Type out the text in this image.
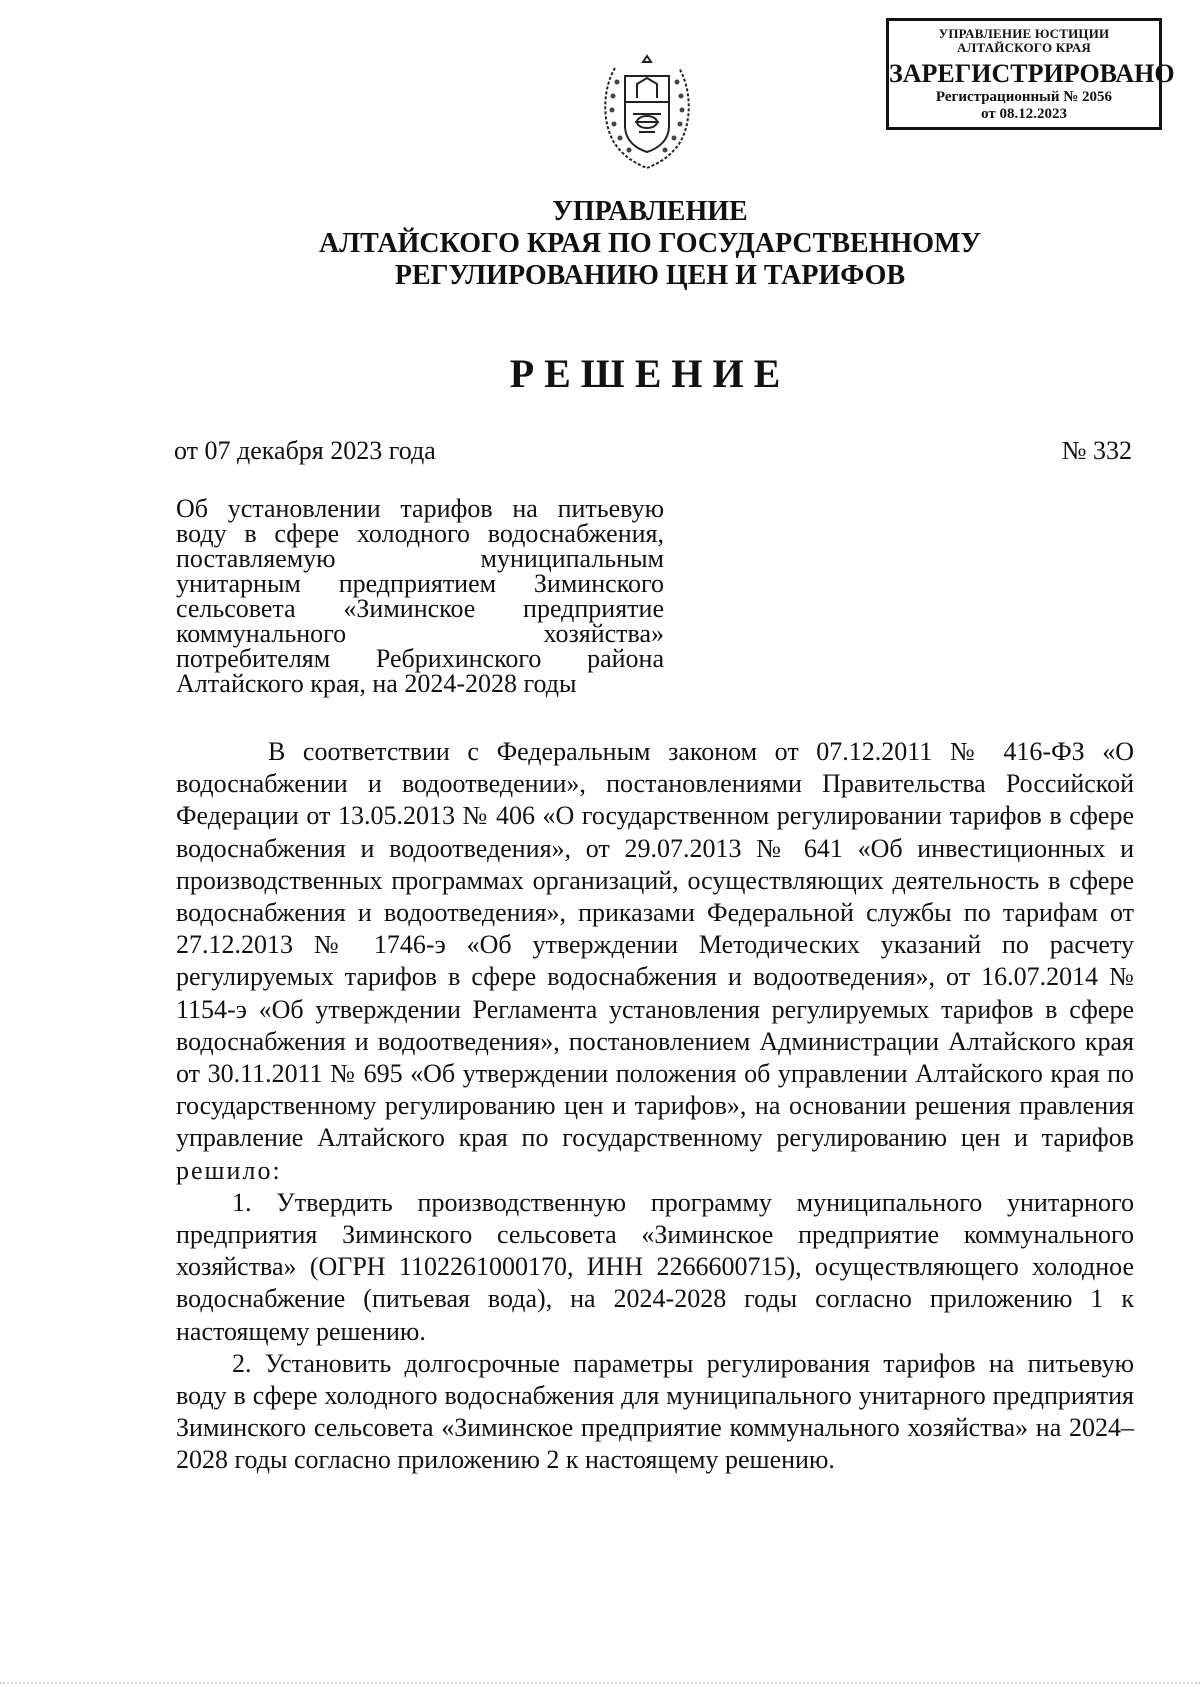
УПРАВЛЕНИЕ ЮСТИЦИИ
АЛТАЙСКОГО КРАЯ
ЗАРЕГИСТРИРОВАНО
Регистрационный № 2056
от 08.12.2023
УПРАВЛЕНИЕ
АЛТАЙСКОГО КРАЯ ПО ГОСУДАРСТВЕННОМУ
РЕГУЛИРОВАНИЮ ЦЕН И ТАРИФОВ
РЕШЕНИЕ
от 07 декабря 2023 года	№ 332
Об установлении тарифов на питьевую
воду в сфере холодного водоснабжения,
поставляемую муниципальным
унитарным предприятием Зиминского
сельсовета «Зиминское предприятие
коммунального хозяйства»
потребителям Ребрихинского района
Алтайского края, на 2024-2028 годы

В соответствии с Федеральным законом от 07.12.2011 № 416-ФЗ «О водоснабжении и водоотведении», постановлениями Правительства Российской Федерации от 13.05.2013 № 406 «О государственном регулировании тарифов в сфере водоснабжения и водоотведения», от 29.07.2013 № 641 «Об инвестиционных и производственных программах организаций, осуществляющих деятельность в сфере водоснабжения и водоотведения», приказами Федеральной службы по тарифам от 27.12.2013 № 1746-э «Об утверждении Методических указаний по расчету регулируемых тарифов в сфере водоснабжения и водоотведения», от 16.07.2014 № 1154-э «Об утверждении Регламента установления регулируемых тарифов в сфере водоснабжения и водоотведения», постановлением Администрации Алтайского края от 30.11.2011 № 695 «Об утверждении положения об управлении Алтайского края по государственному регулированию цен и тарифов», на основании решения правления управление Алтайского края по государственному регулированию цен и тарифов решило:

1. Утвердить производственную программу муниципального унитарного предприятия Зиминского сельсовета «Зиминское предприятие коммунального хозяйства» (ОГРН 1102261000170, ИНН 2266600715), осуществляющего холодное водоснабжение (питьевая вода), на 2024-2028 годы согласно приложению 1 к настоящему решению.

2. Установить долгосрочные параметры регулирования тарифов на питьевую воду в сфере холодного водоснабжения для муниципального унитарного предприятия Зиминского сельсовета «Зиминское предприятие коммунального хозяйства» на 2024–2028 годы согласно приложению 2 к настоящему решению.
